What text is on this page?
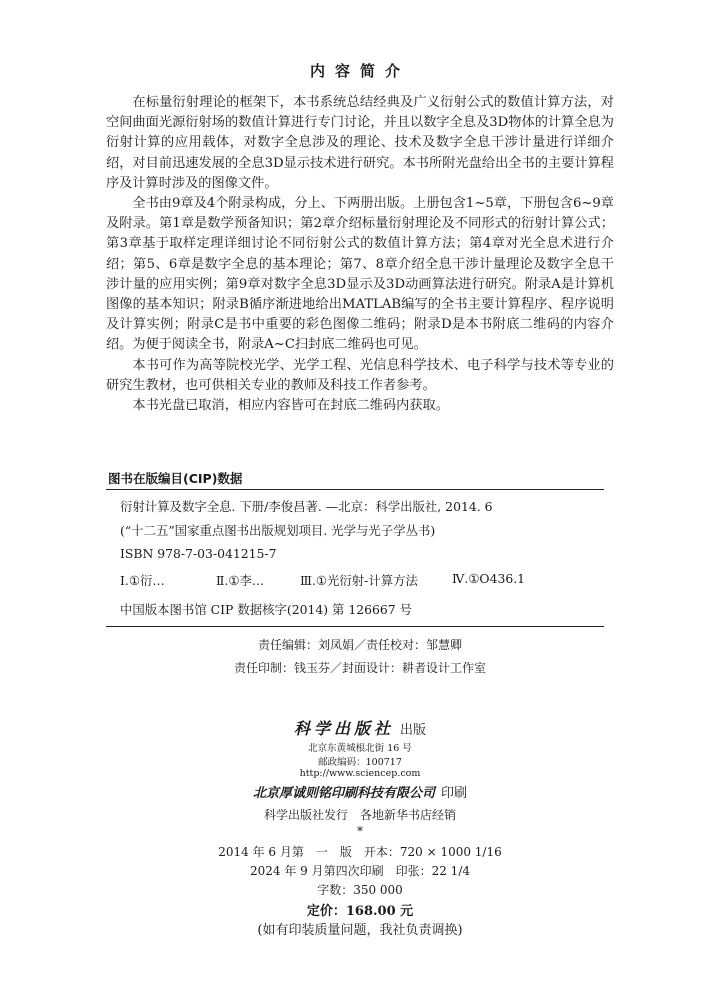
内容简介

在标量衍射理论的框架下，本书系统总结经典及广义衍射公式的数值计算方法，对空间曲面光源衍射场的数值计算进行专门讨论，并且以数字全息及3D物体的计算全息为衍射计算的应用载体，对数字全息涉及的理论、技术及数字全息干涉计量进行详细介绍，对目前迅速发展的全息3D显示技术进行研究。本书所附光盘给出全书的主要计算程序及计算时涉及的图像文件。

全书由9章及4个附录构成，分上、下两册出版。上册包含1~5章，下册包含6~9章及附录。第1章是数学预备知识；第2章介绍标量衍射理论及不同形式的衍射计算公式；第3章基于取样定理详细讨论不同衍射公式的数值计算方法；第4章对光全息术进行介绍；第5、6章是数字全息的基本理论；第7、8章介绍全息干涉计量理论及数字全息干涉计量的应用实例；第9章对数字全息3D显示及3D动画算法进行研究。附录A是计算机图像的基本知识；附录B循序渐进地给出MATLAB编写的全书主要计算程序、程序说明及计算实例；附录C是书中重要的彩色图像二维码；附录D是本书附底二维码的内容介绍。为便于阅读全书，附录A~C扫封底二维码也可见。

本书可作为高等院校光学、光学工程、光信息科学技术、电子科学与技术等专业的研究生教材，也可供相关专业的教师及科技工作者参考。

本书光盘已取消，相应内容皆可在封底二维码内获取。

图书在版编目(CIP)数据
衍射计算及数字全息. 下册/李俊昌著. —北京：科学出版社, 2014. 6
(“十二五”国家重点图书出版规划项目. 光学与光子学丛书)
ISBN 978-7-03-041215-7
Ⅰ.①衍…	Ⅱ.①李…	Ⅲ.①光衍射-计算方法	Ⅳ.①O436.1
中国版本图书馆 CIP 数据核字(2014) 第 126667 号
责任编辑：刘凤娟／责任校对：邹慧卿
责任印制：钱玉芬／封面设计：耕者设计工作室
科学出版社 出版
北京东黄城根北街 16 号
邮政编码：100717
http://www.sciencep.com
北京厚诚则铭印刷科技有限公司 印刷
科学出版社发行　各地新华书店经销
*
2014 年 6 月第　一　版　开本：720 × 1000 1/16
2024 年 9 月第四次印刷　印张：22 1/4
字数：350 000
定价：168.00 元
(如有印装质量问题，我社负责调换)
